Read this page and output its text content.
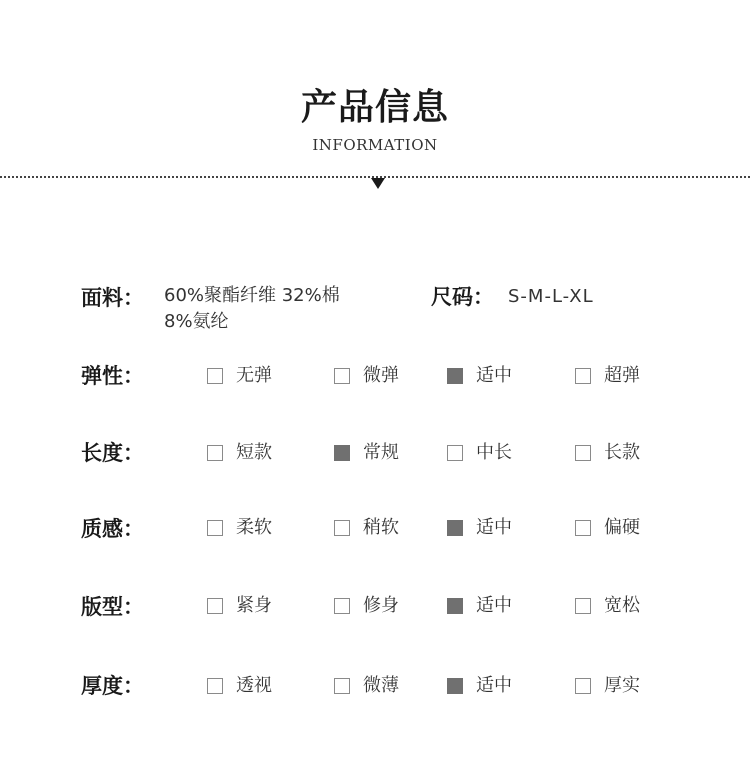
产品信息
INFORMATION
面料： 60%聚酯纤维 32%棉
8%氨纶
尺码： S-M-L-XL
弹性：	无弹	微弹	适中	超弹
长度：	短款	常规	中长	长款
质感：	柔软	稍软	适中	偏硬
版型：	紧身	修身	适中	宽松
厚度：	透视	微薄	适中	厚实
